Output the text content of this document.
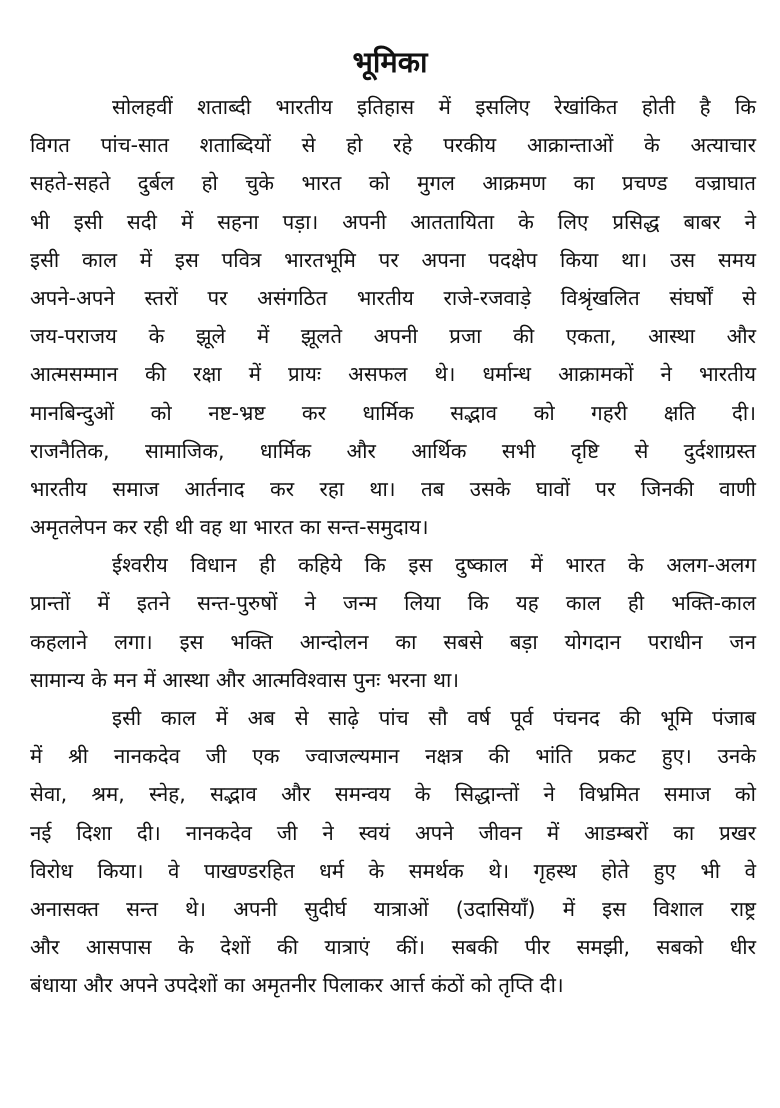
भूमिका

सोलहवीं शताब्दी भारतीय इतिहास में इसलिए रेखांकित होती है कि
विगत पांच-सात शताब्दियों से हो रहे परकीय आक्रान्ताओं के अत्याचार
सहते-सहते दुर्बल हो चुके भारत को मुगल आक्रमण का प्रचण्ड वज्राघात
भी इसी सदी में सहना पड़ा। अपनी आततायिता के लिए प्रसिद्ध बाबर ने
इसी काल में इस पवित्र भारतभूमि पर अपना पदक्षेप किया था। उस समय
अपने-अपने स्तरों पर असंगठित भारतीय राजे-रजवाड़े विश्रृंखलित संघर्षों से
जय-पराजय के झूले में झूलते अपनी प्रजा की एकता, आस्था और
आत्मसम्मान की रक्षा में प्रायः असफल थे। धर्मान्ध आक्रामकों ने भारतीय
मानबिन्दुओं को नष्ट-भ्रष्ट कर धार्मिक सद्भाव को गहरी क्षति दी।
राजनैतिक, सामाजिक, धार्मिक और आर्थिक सभी दृष्टि से दुर्दशाग्रस्त
भारतीय समाज आर्तनाद कर रहा था। तब उसके घावों पर जिनकी वाणी
अमृतलेपन कर रही थी वह था भारत का सन्त-समुदाय।

ईश्वरीय विधान ही कहिये कि इस दुष्काल में भारत के अलग-अलग
प्रान्तों में इतने सन्त-पुरुषों ने जन्म लिया कि यह काल ही भक्ति-काल
कहलाने लगा। इस भक्ति आन्दोलन का सबसे बड़ा योगदान पराधीन जन
सामान्य के मन में आस्था और आत्मविश्वास पुनः भरना था।

इसी काल में अब से साढ़े पांच सौ वर्ष पूर्व पंचनद की भूमि पंजाब
में श्री नानकदेव जी एक ज्वाजल्यमान नक्षत्र की भांति प्रकट हुए। उनके
सेवा, श्रम, स्नेह, सद्भाव और समन्वय के सिद्धान्तों ने विभ्रमित समाज को
नई दिशा दी। नानकदेव जी ने स्वयं अपने जीवन में आडम्बरों का प्रखर
विरोध किया। वे पाखण्डरहित धर्म के समर्थक थे। गृहस्थ होते हुए भी वे
अनासक्त सन्त थे। अपनी सुदीर्घ यात्राओं (उदासियाँ) में इस विशाल राष्ट्र
और आसपास के देशों की यात्राएं कीं। सबकी पीर समझी, सबको धीर
बंधाया और अपने उपदेशों का अमृतनीर पिलाकर आर्त्त कंठों को तृप्ति दी।
